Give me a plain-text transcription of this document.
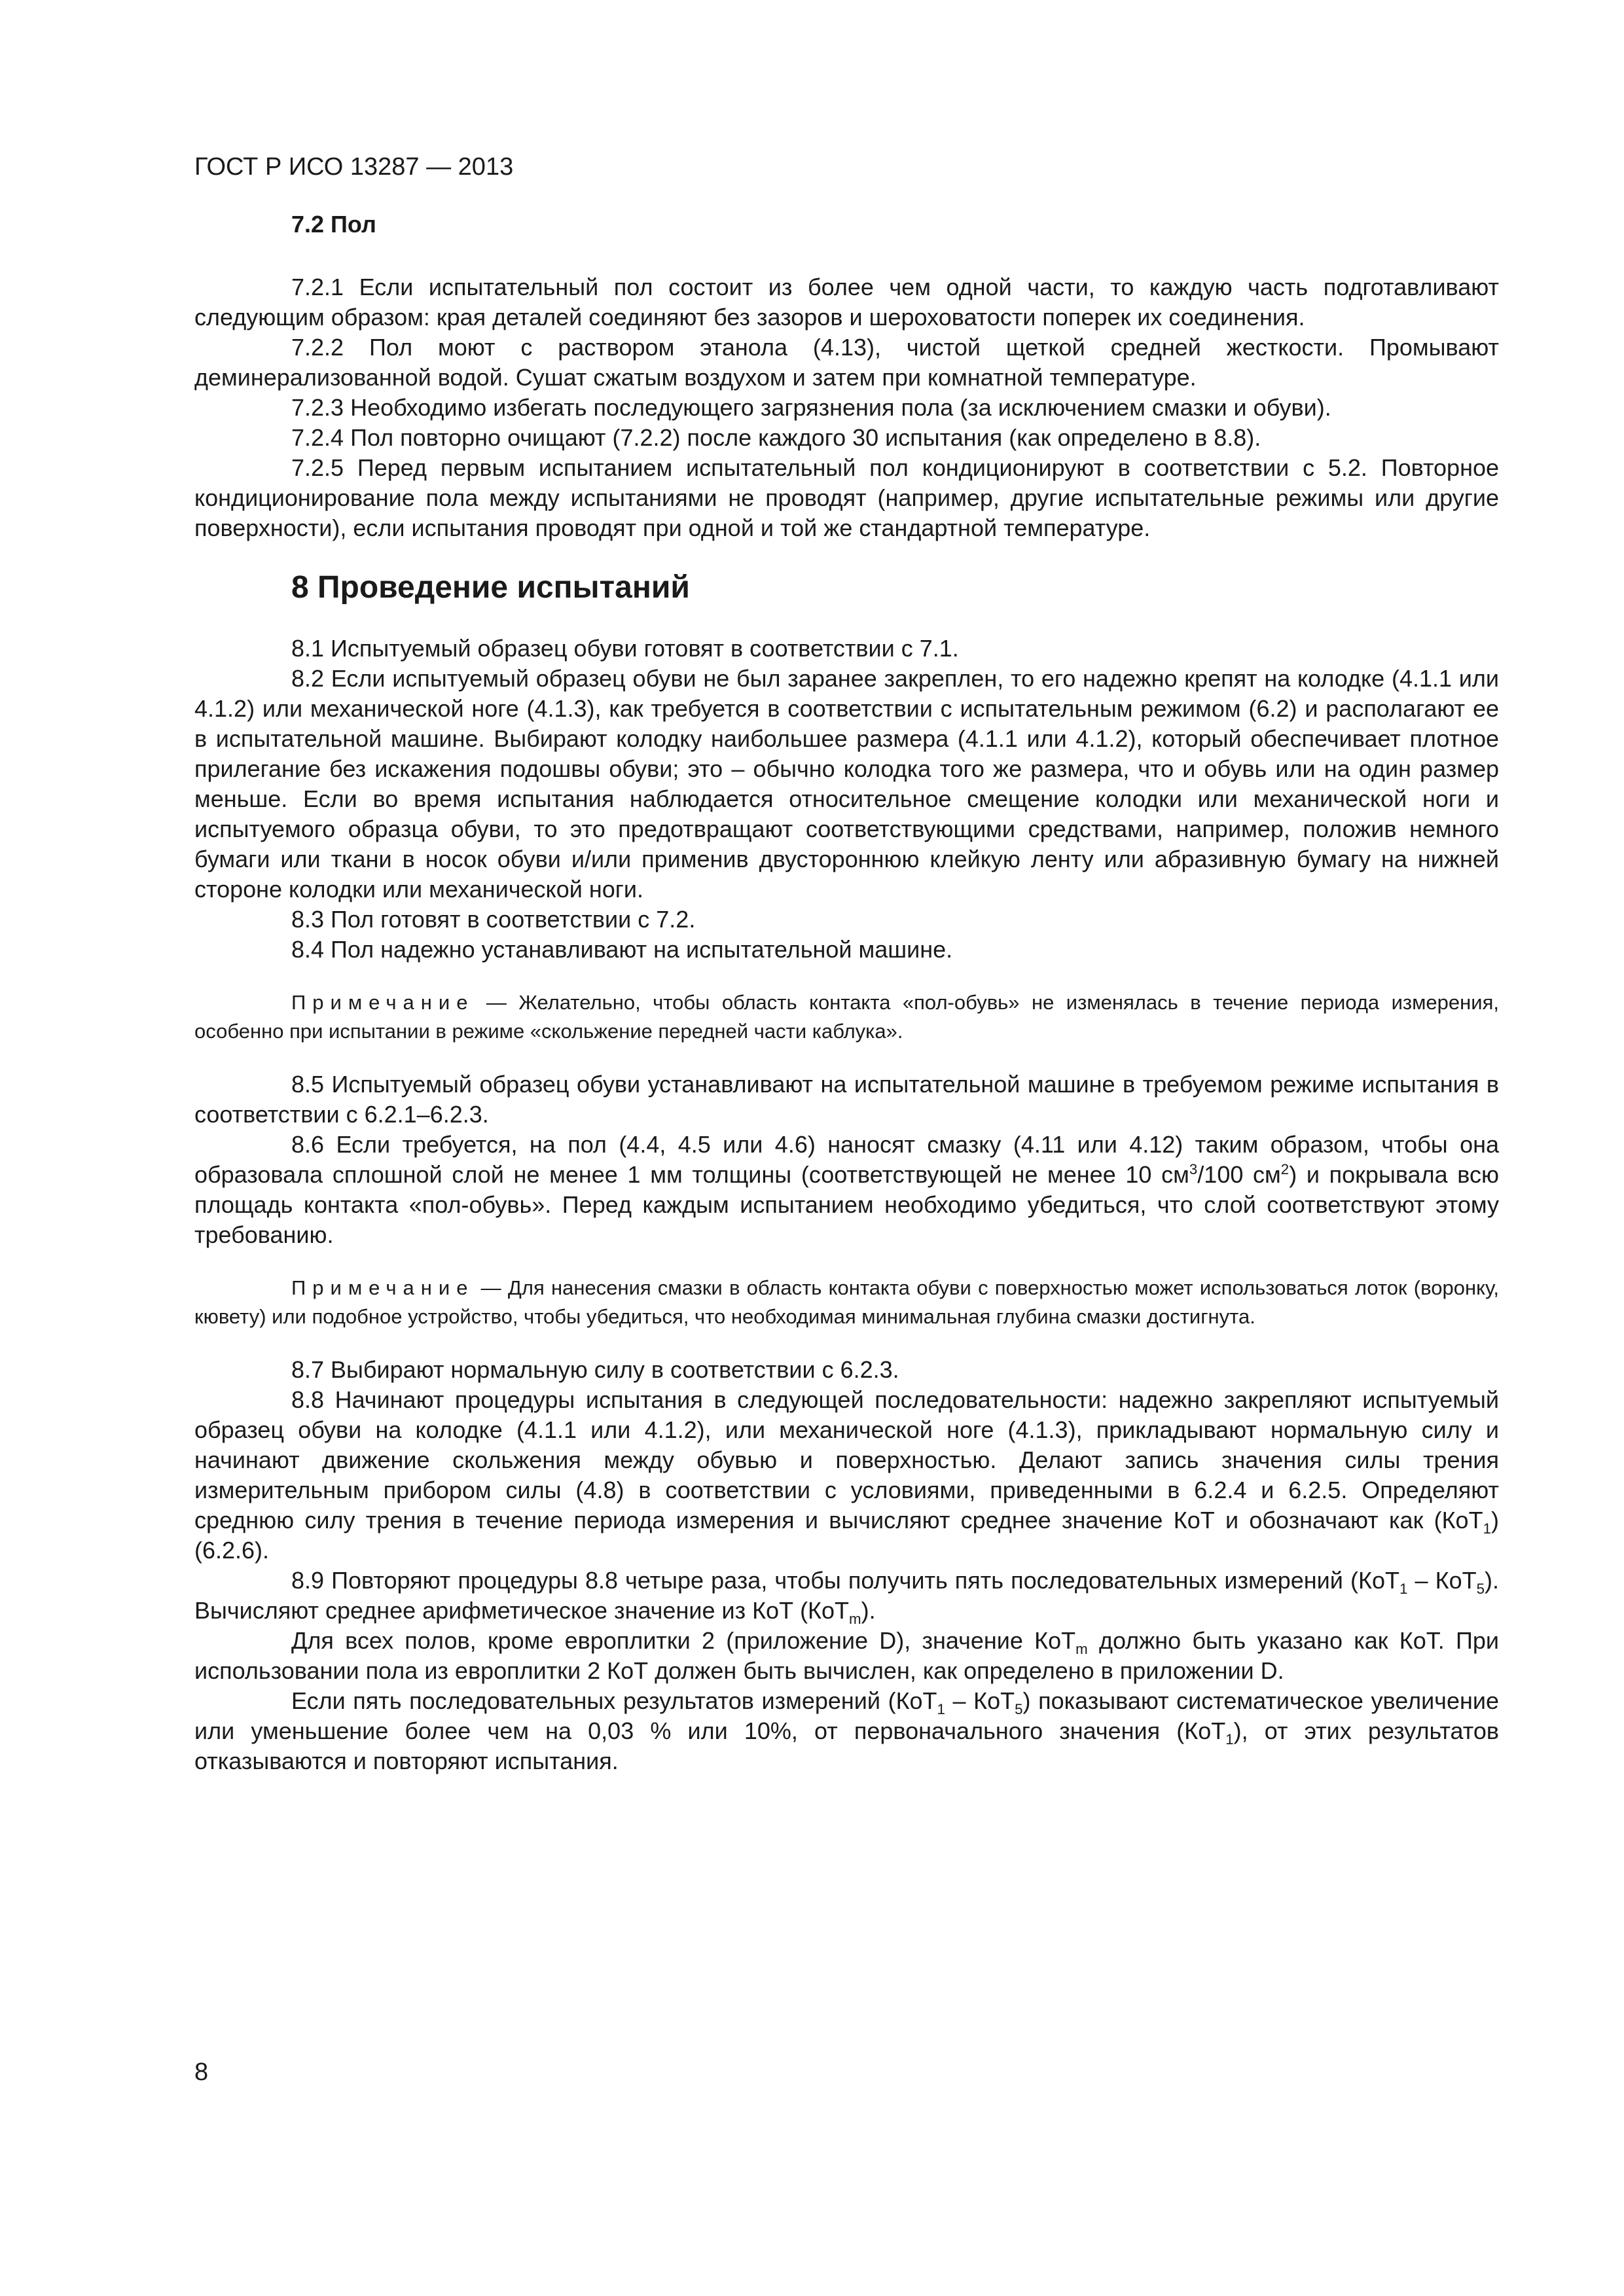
ГОСТ Р ИСО 13287 — 2013

7.2 Пол

7.2.1 Если испытательный пол состоит из более чем одной части, то каждую часть подготавливают следующим образом: края деталей соединяют без зазоров и шероховатости поперек их соединения.

7.2.2 Пол моют с раствором этанола (4.13), чистой щеткой средней жесткости. Промывают деминерализованной водой. Сушат сжатым воздухом и затем при комнатной температуре.

7.2.3 Необходимо избегать последующего загрязнения пола (за исключением смазки и обуви).

7.2.4 Пол повторно очищают (7.2.2) после каждого 30 испытания (как определено в 8.8).

7.2.5 Перед первым испытанием испытательный пол кондиционируют в соответствии с 5.2. Повторное кондиционирование пола между испытаниями не проводят (например, другие испытательные режимы или другие поверхности), если испытания проводят при одной и той же стандартной температуре.

8 Проведение испытаний

8.1 Испытуемый образец обуви готовят в соответствии с 7.1.

8.2 Если испытуемый образец обуви не был заранее закреплен, то его надежно крепят на колодке (4.1.1 или 4.1.2) или механической ноге (4.1.3), как требуется в соответствии с испытательным режимом (6.2) и располагают ее в испытательной машине. Выбирают колодку наибольшее размера (4.1.1 или 4.1.2), который обеспечивает плотное прилегание без искажения подошвы обуви; это – обычно колодка того же размера, что и обувь или на один размер меньше. Если во время испытания наблюдается относительное смещение колодки или механической ноги и испытуемого образца обуви, то это предотвращают соответствующими средствами, например, положив немного бумаги или ткани в носок обуви и/или применив двустороннюю клейкую ленту или абразивную бумагу на нижней стороне колодки или механической ноги.

8.3 Пол готовят в соответствии с 7.2.

8.4 Пол надежно устанавливают на испытательной машине.

Примечание — Желательно, чтобы область контакта «пол-обувь» не изменялась в течение периода измерения, особенно при испытании в режиме «скольжение передней части каблука».

8.5 Испытуемый образец обуви устанавливают на испытательной машине в требуемом режиме испытания в соответствии с 6.2.1–6.2.3.

8.6 Если требуется, на пол (4.4, 4.5 или 4.6) наносят смазку (4.11 или 4.12) таким образом, чтобы она образовала сплошной слой не менее 1 мм толщины (соответствующей не менее 10 $см^3/100$ $см^2$) и покрывала всю площадь контакта «пол-обувь». Перед каждым испытанием необходимо убедиться, что слой соответствуют этому требованию.

Примечание — Для нанесения смазки в область контакта обуви с поверхностью может использоваться лоток (воронку, кювету) или подобное устройство, чтобы убедиться, что необходимая минимальная глубина смазки достигнута.

8.7 Выбирают нормальную силу в соответствии с 6.2.3.

8.8 Начинают процедуры испытания в следующей последовательности: надежно закрепляют испытуемый образец обуви на колодке (4.1.1 или 4.1.2), или механической ноге (4.1.3), прикладывают нормальную силу и начинают движение скольжения между обувью и поверхностью. Делают запись значения силы трения измерительным прибором силы (4.8) в соответствии с условиями, приведенными в 6.2.4 и 6.2.5. Определяют среднюю силу трения в течение периода измерения и вычисляют среднее значение КоТ и обозначают как (КоТ$_1$) (6.2.6).

8.9 Повторяют процедуры 8.8 четыре раза, чтобы получить пять последовательных измерений (КоТ$_1$ – КоТ$_5$). Вычисляют среднее арифметическое значение из КоТ (КоТ$_m$).

Для всех полов, кроме европлитки 2 (приложение D), значение КоТ$_m$ должно быть указано как КоТ. При использовании пола из европлитки 2 КоТ должен быть вычислен, как определено в приложении D.

Если пять последовательных результатов измерений (КоТ$_1$ – КоТ$_5$) показывают систематическое увеличение или уменьшение более чем на 0,03 % или 10%, от первоначального значения (КоТ$_1$), от этих результатов отказываются и повторяют испытания.

8
